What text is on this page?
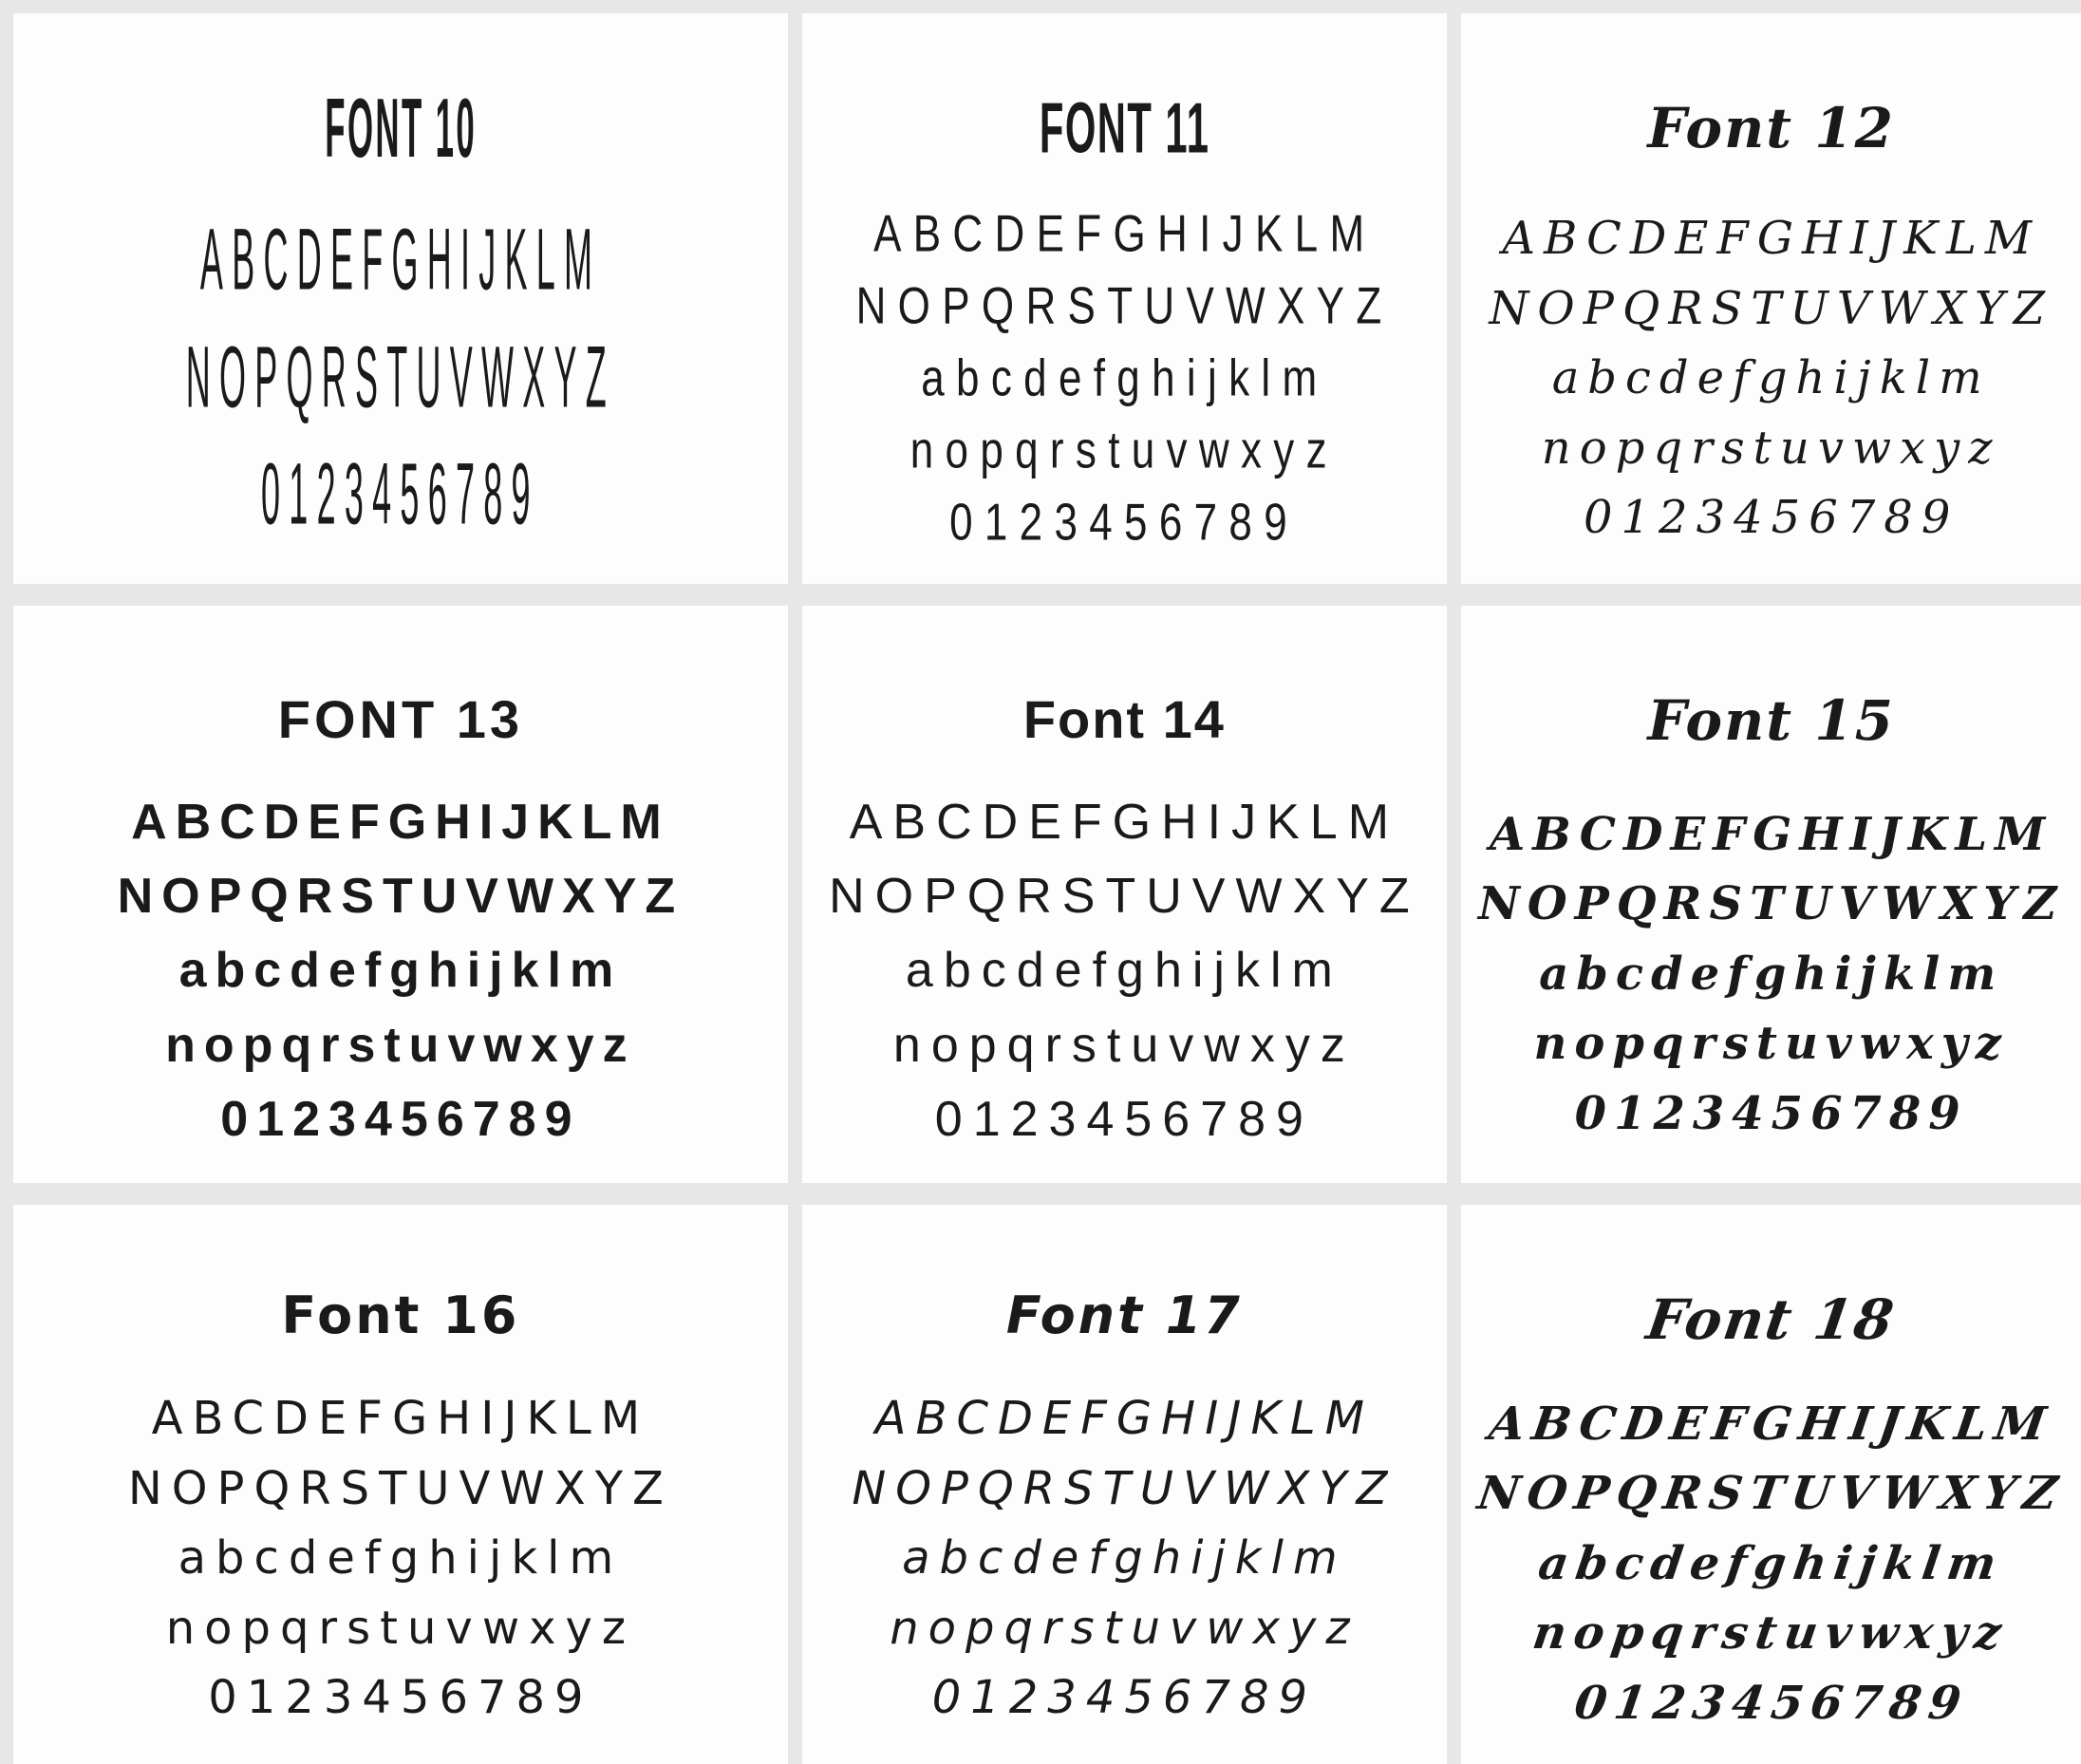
FONT 10
ABCDEFGHIJKLM
NOPQRSTUVWXYZ
0123456789
FONT 11
ABCDEFGHIJKLM
NOPQRSTUVWXYZ
abcdefghijklm
nopqrstuvwxyz
0123456789
Font 12
ABCDEFGHIJKLM
NOPQRSTUVWXYZ
abcdefghijklm
nopqrstuvwxyz
0123456789
FONT 13
ABCDEFGHIJKLM
NOPQRSTUVWXYZ
abcdefghijklm
nopqrstuvwxyz
0123456789
Font 14
ABCDEFGHIJKLM
NOPQRSTUVWXYZ
abcdefghijklm
nopqrstuvwxyz
0123456789
Font 15
ABCDEFGHIJKLM
NOPQRSTUVWXYZ
abcdefghijklm
nopqrstuvwxyz
0123456789
Font 16
ABCDEFGHIJKLM
NOPQRSTUVWXYZ
abcdefghijklm
nopqrstuvwxyz
0123456789
Font 17
ABCDEFGHIJKLM
NOPQRSTUVWXYZ
abcdefghijklm
nopqrstuvwxyz
0123456789
Font 18
ABCDEFGHIJKLM
NOPQRSTUVWXYZ
abcdefghijklm
nopqrstuvwxyz
0123456789
